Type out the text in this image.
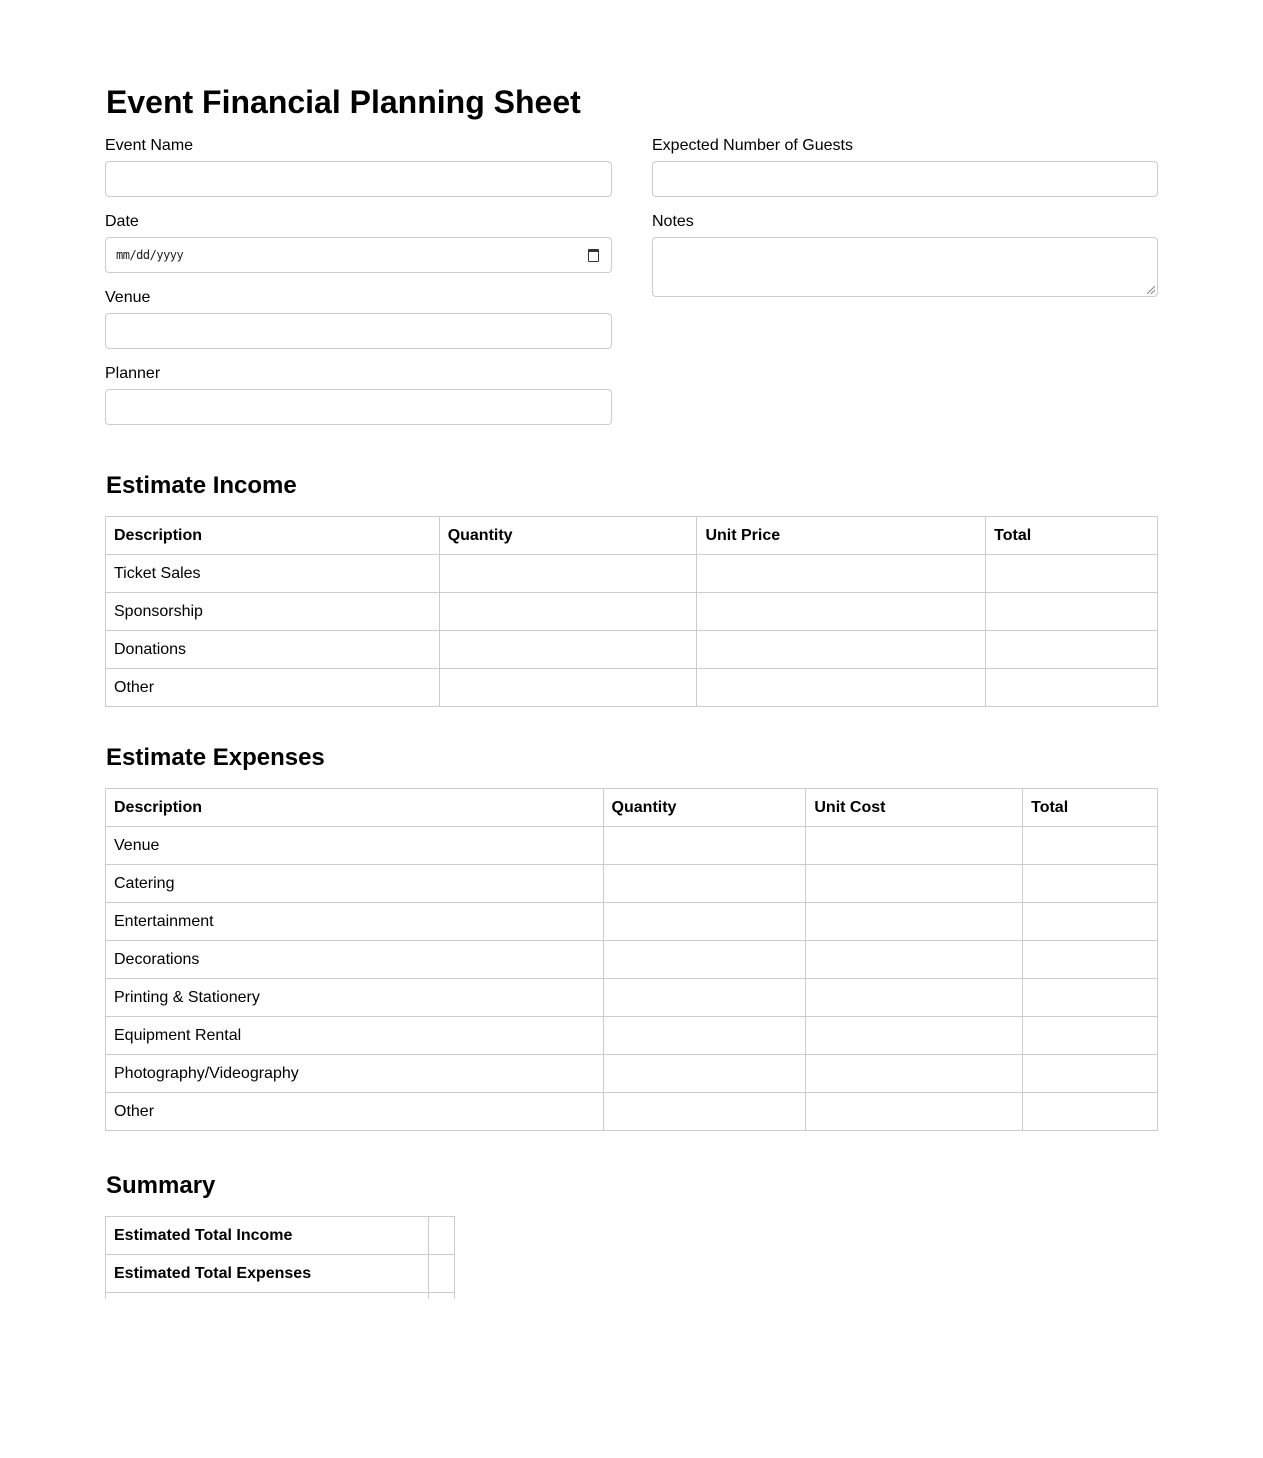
Event Financial Planning Sheet
Event Name
Date
mm/dd/yyyy
Venue
Planner
Expected Number of Guests
Notes
Estimate Income
Description	Quantity	Unit Price	Total
Ticket Sales			
Sponsorship			
Donations			
Other			
Estimate Expenses
Description	Quantity	Unit Cost	Total
Venue			
Catering			
Entertainment			
Decorations			
Printing & Stationery			
Equipment Rental			
Photography/Videography			
Other			
Summary
Estimated Total Income	
Estimated Total Expenses	
